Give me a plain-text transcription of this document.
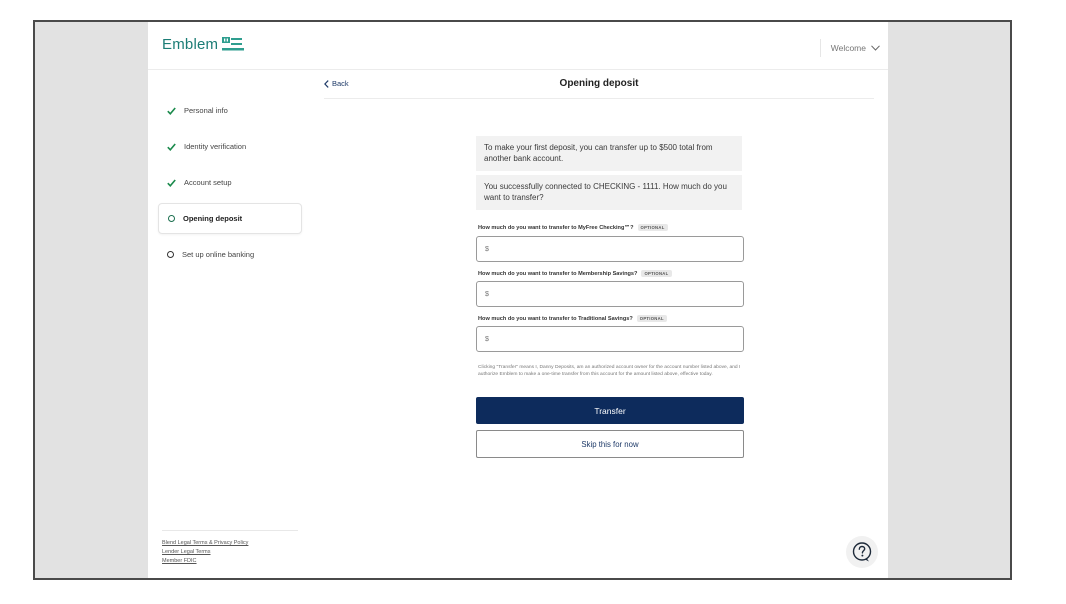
Emblem	Welcome
Personal info
Identity verification
Account setup
Opening deposit
Set up online banking
Blend Legal Terms & Privacy Policy
Lender Legal Terms
Member FDIC
Back	Opening deposit
To make your first deposit, you can transfer up to $500 total from another bank account.
You successfully connected to CHECKING - 1111. How much do you want to transfer?
How much do you want to transfer to MyFree Checking℠?	OPTIONAL
$
How much do you want to transfer to Membership Savings?	OPTIONAL
$
How much do you want to transfer to Traditional Savings?	OPTIONAL
$
Clicking "Transfer" means I, Danny Deposits, am an authorized account owner for the account number listed above, and I authorize Emblem to make a one-time transfer from this account for the amount listed above, effective today.
Transfer
Skip this for now
